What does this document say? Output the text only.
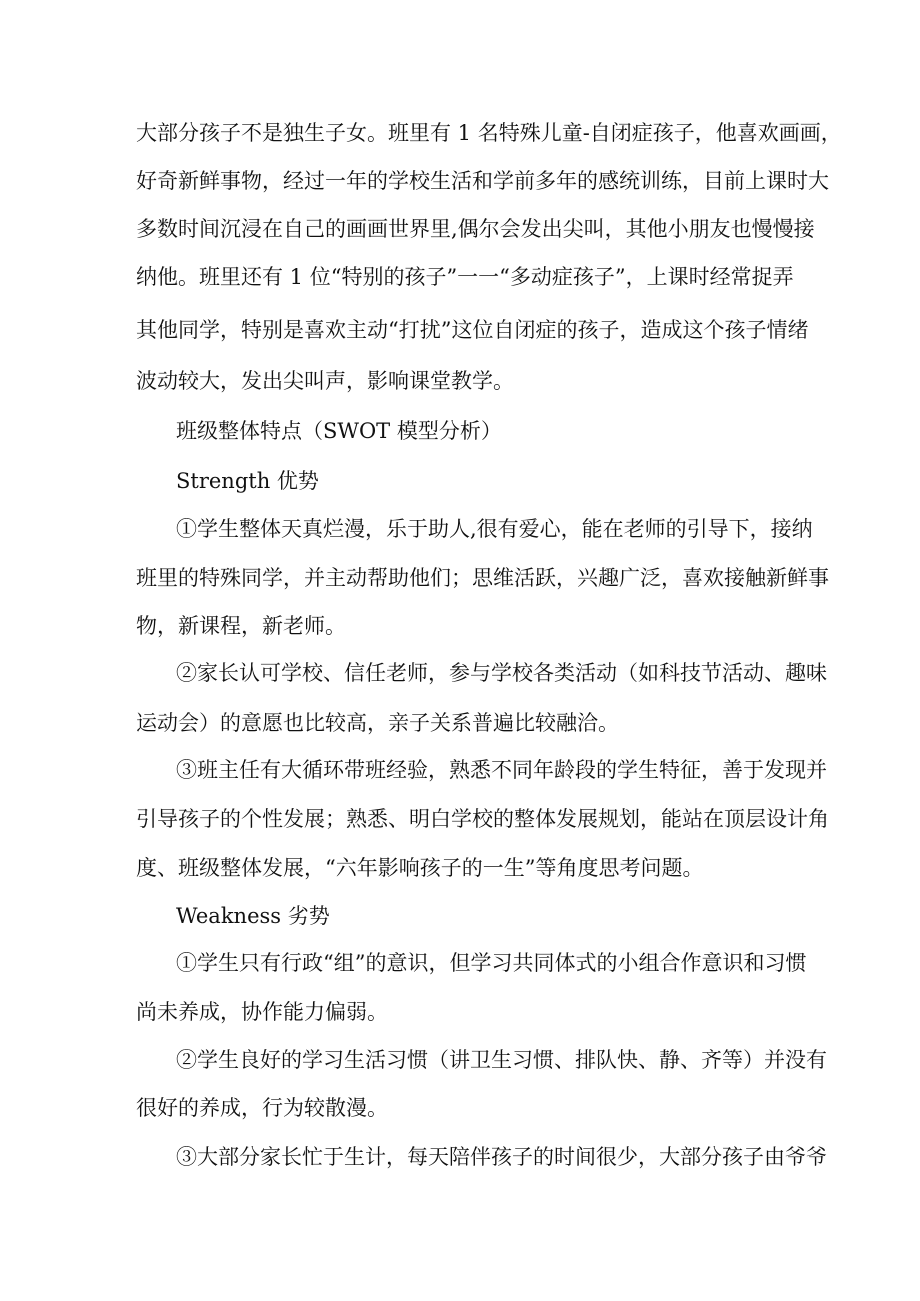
大部分孩子不是独生子女。班里有 1 名特殊儿童-自闭症孩子，他喜欢画画，
好奇新鲜事物，经过一年的学校生活和学前多年的感统训练，目前上课时大
多数时间沉浸在自己的画画世界里,偶尔会发出尖叫，其他小朋友也慢慢接
纳他。班里还有 1 位“特别的孩子”一一“多动症孩子”，上课时经常捉弄
其他同学，特别是喜欢主动“打扰”这位自闭症的孩子，造成这个孩子情绪
波动较大，发出尖叫声，影响课堂教学。
班级整体特点（SWOT 模型分析）
Strength 优势
①学生整体天真烂漫，乐于助人,很有爱心，能在老师的引导下，接纳
班里的特殊同学，并主动帮助他们；思维活跃，兴趣广泛，喜欢接触新鲜事
物，新课程，新老师。
②家长认可学校、信任老师，参与学校各类活动（如科技节活动、趣味
运动会）的意愿也比较高，亲子关系普遍比较融洽。
③班主任有大循环带班经验，熟悉不同年龄段的学生特征，善于发现并
引导孩子的个性发展；熟悉、明白学校的整体发展规划，能站在顶层设计角
度、班级整体发展，“六年影响孩子的一生”等角度思考问题。
Weakness 劣势
①学生只有行政“组”的意识，但学习共同体式的小组合作意识和习惯
尚未养成，协作能力偏弱。
②学生良好的学习生活习惯（讲卫生习惯、排队快、静、齐等）并没有
很好的养成，行为较散漫。
③大部分家长忙于生计，每天陪伴孩子的时间很少，大部分孩子由爷爷
